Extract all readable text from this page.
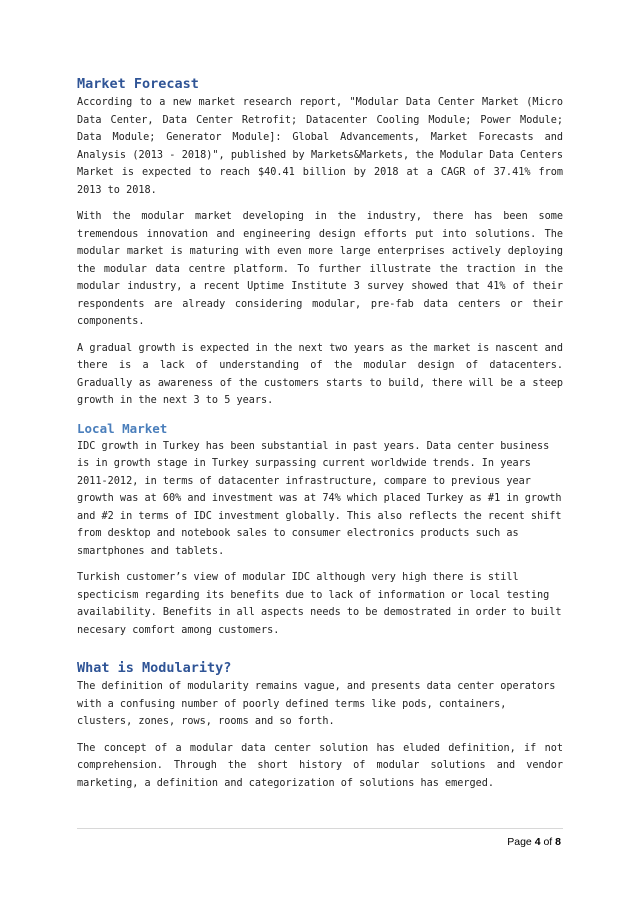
Market Forecast

According to a new market research report, "Modular Data Center Market (Micro Data Center, Data Center Retrofit; Datacenter Cooling Module; Power Module; Data Module; Generator Module]: Global Advancements, Market Forecasts and Analysis (2013 - 2018)", published by Markets&Markets, the Modular Data Centers Market is expected to reach $40.41 billion by 2018 at a CAGR of 37.41% from 2013 to 2018.

With the modular market developing in the industry, there has been some tremendous innovation and engineering design efforts put into solutions. The modular market is maturing with even more large enterprises actively deploying the modular data centre platform. To further illustrate the traction in the modular industry, a recent Uptime Institute 3 survey showed that 41% of their respondents are already considering modular, pre-fab data centers or their components.

A gradual growth is expected in the next two years as the market is nascent and there is a lack of understanding of the modular design of datacenters. Gradually as awareness of the customers starts to build, there will be a steep growth in the next 3 to 5 years.

Local Market

IDC growth in Turkey has been substantial in past years. Data center business is in growth stage in Turkey surpassing current worldwide trends. In years 2011-2012, in terms of datacenter infrastructure, compare to previous year growth was at 60% and investment was at 74% which placed Turkey as #1 in growth and #2 in terms of IDC investment globally. This also reflects the recent shift from desktop and notebook sales to consumer electronics products such as smartphones and tablets.

Turkish customer’s view of modular IDC although very high there is still specticism regarding its benefits due to lack of information or local testing availability. Benefits in all aspects needs to be demostrated in order to built necesary comfort among customers.

What is Modularity?

The definition of modularity remains vague, and presents data center operators with a confusing number of poorly defined terms like pods, containers, clusters, zones, rows, rooms and so forth.

The concept of a modular data center solution has eluded definition, if not comprehension. Through the short history of modular solutions and vendor marketing, a definition and categorization of solutions has emerged.

Page 4 of 8
